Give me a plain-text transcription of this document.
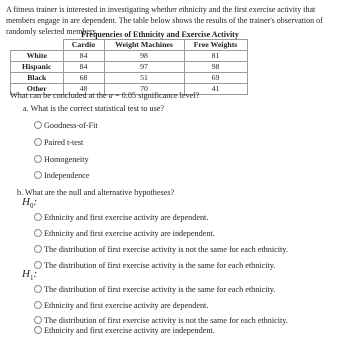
A fitness trainer is interested in investigating whether ethnicity and the first exercise activity that members engage in are dependent. The table below shows the results of the trainer's observation of randomly selected members.
Frequencies of Ethnicity and Exercise Activity
	Cardio	Weight Machines	Free Weights
White	84	98	81
Hispanic	84	97	98
Black	68	51	69
Other	48	70	41
What can be concluded at the α = 0.05 significance level?
a. What is the correct statistical test to use?
Goodness-of-Fit
Paired t-test
Homogeneity
Independence
b. What are the null and alternative hypotheses?
$H_0$:
Ethnicity and first exercise activity are dependent.
Ethnicity and first exercise activity are independent.
The distribution of first exercise activity is not the same for each ethnicity.
The distribution of first exercise activity is the same for each ethnicity.
$H_1$:
The distribution of first exercise activity is the same for each ethnicity.
Ethnicity and first exercise activity are dependent.
The distribution of first exercise activity is not the same for each ethnicity.
Ethnicity and first exercise activity are independent.
